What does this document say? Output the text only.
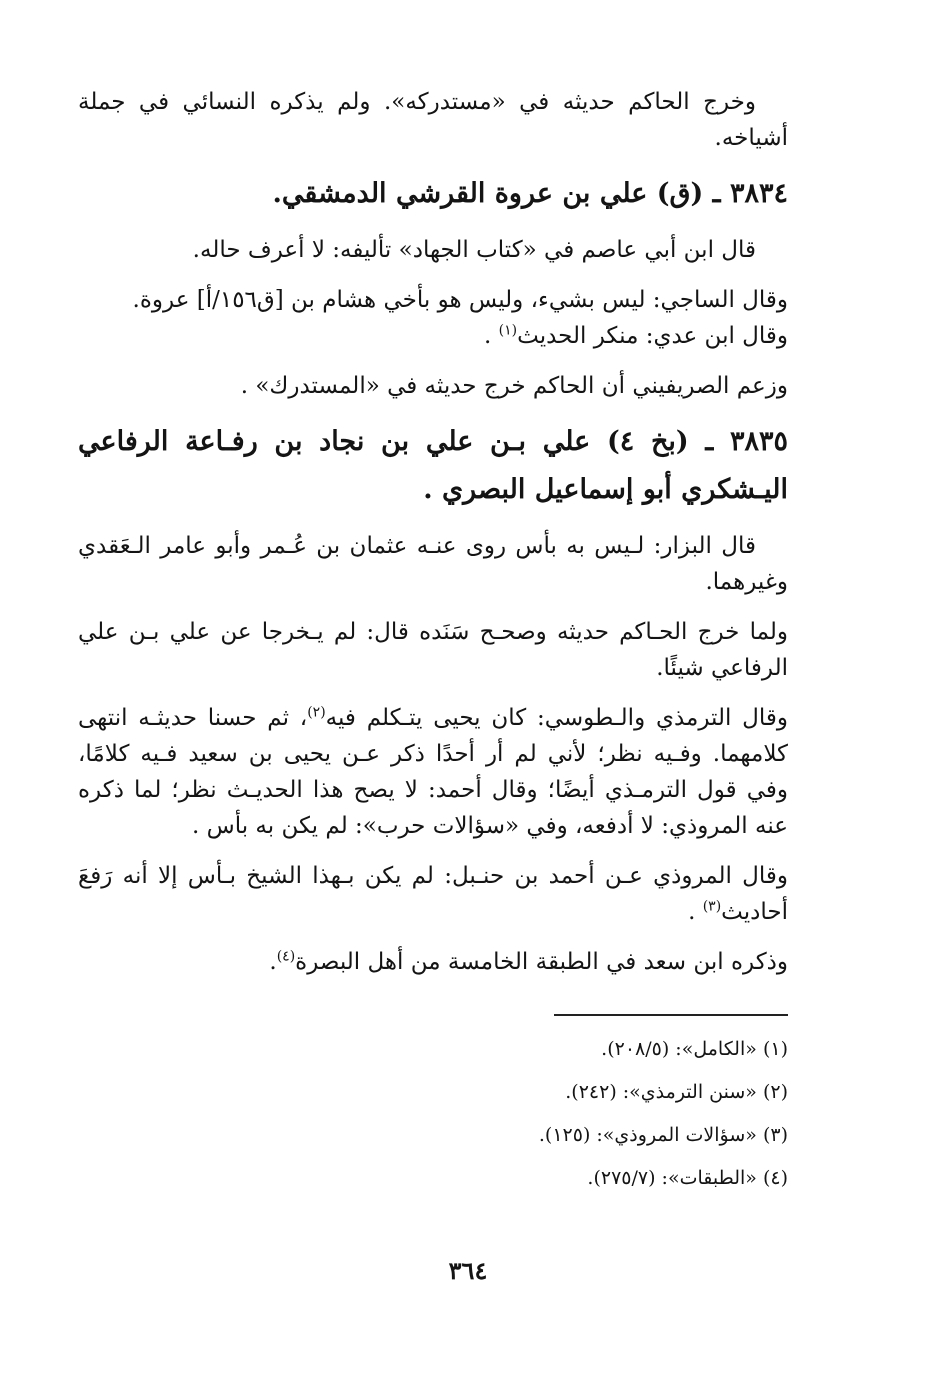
وخرج الحاكم حديثه في «مستدركه». ولم يذكره النسائي في جملة أشياخه.

٣٨٣٤ ـ (ق) علي بن عروة القرشي الدمشقي.

قال ابن أبي عاصم في «كتاب الجهاد» تأليفه: لا أعرف حاله.

وقال الساجي: ليس بشيء، وليس هو بأخي هشام بن [ق١٥٦/أ] عروة.

وقال ابن عدي: منكر الحديث$^{(١)}$ .

وزعم الصريفيني أن الحاكم خرج حديثه في «المستدرك» .

٣٨٣٥ ـ (بخ ٤) علي بـن علي بن نجاد بن رفـاعة الرفاعي اليـشكري أبو إسماعيل البصري .

قال البزار: لـيس به بأس روى عنـه عثمان بن عُـمر وأبو عامر الـعَقدي وغيرهما.

ولما خرج الحـاكم حديثه وصحـح سَنَده قال: لم يـخرجا عن علي بـن علي الرفاعي شيئًا.

وقال الترمذي والـطوسي: كان يحيى يتـكلم فيه$^{(٢)}$، ثم حسنا حديثـه انتهى كلامهما. وفـيه نظر؛ لأني لم أر أحدًا ذكر عـن يحيى بن سعيد فـيه كلامًا، وفي قول الترمـذي أيضًا؛ وقال أحمد: لا يصح هذا الحديـث نظر؛ لما ذكره عنه المروذي: لا أدفعه، وفي «سؤالات حرب»: لم يكن به بأس .

وقال المروذي عـن أحمد بن حنـبل: لم يكن بـهذا الشيخ بـأس إلا أنه رَفعَ أحاديث$^{(٣)}$ .

وذكره ابن سعد في الطبقة الخامسة من أهل البصرة$^{(٤)}$.

(١) «الكامل»: (٢٠٨/٥).
(٢) «سنن الترمذي»: (٢٤٢).
(٣) «سؤالات المروذي»: (١٢٥).
(٤) «الطبقات»: (٢٧٥/٧).
٣٦٤
